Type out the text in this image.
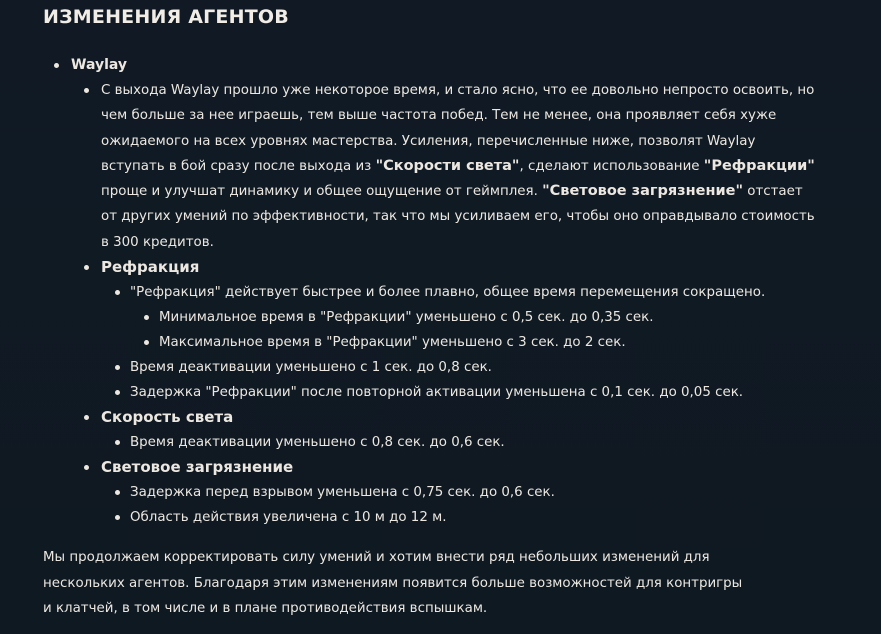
ИЗМЕНЕНИЯ АГЕНТОВ
Waylay
С выхода Waylay прошло уже некоторое время, и стало ясно, что ее довольно непросто освоить, но чем больше за нее играешь, тем выше частота побед. Тем не менее, она проявляет себя хуже ожидаемого на всех уровнях мастерства. Усиления, перечисленные ниже, позволят Waylay вступать в бой сразу после выхода из "Скорости света", сделают использование "Рефракции" проще и улучшат динамику и общее ощущение от геймплея. "Световое загрязнение" отстает от других умений по эффективности, так что мы усиливаем его, чтобы оно оправдывало стоимость в 300 кредитов.
Рефракция
"Рефракция" действует быстрее и более плавно, общее время перемещения сокращено.
Минимальное время в "Рефракции" уменьшено с 0,5 сек. до 0,35 сек.
Максимальное время в "Рефракции" уменьшено с 3 сек. до 2 сек.
Время деактивации уменьшено с 1 сек. до 0,8 сек.
Задержка "Рефракции" после повторной активации уменьшена с 0,1 сек. до 0,05 сек.
Скорость света
Время деактивации уменьшено с 0,8 сек. до 0,6 сек.
Световое загрязнение
Задержка перед взрывом уменьшена с 0,75 сек. до 0,6 сек.
Область действия увеличена с 10 м до 12 м.

Мы продолжаем корректировать силу умений и хотим внести ряд небольших изменений для нескольких агентов. Благодаря этим изменениям появится больше возможностей для контригры и клатчей, в том числе и в плане противодействия вспышкам.
